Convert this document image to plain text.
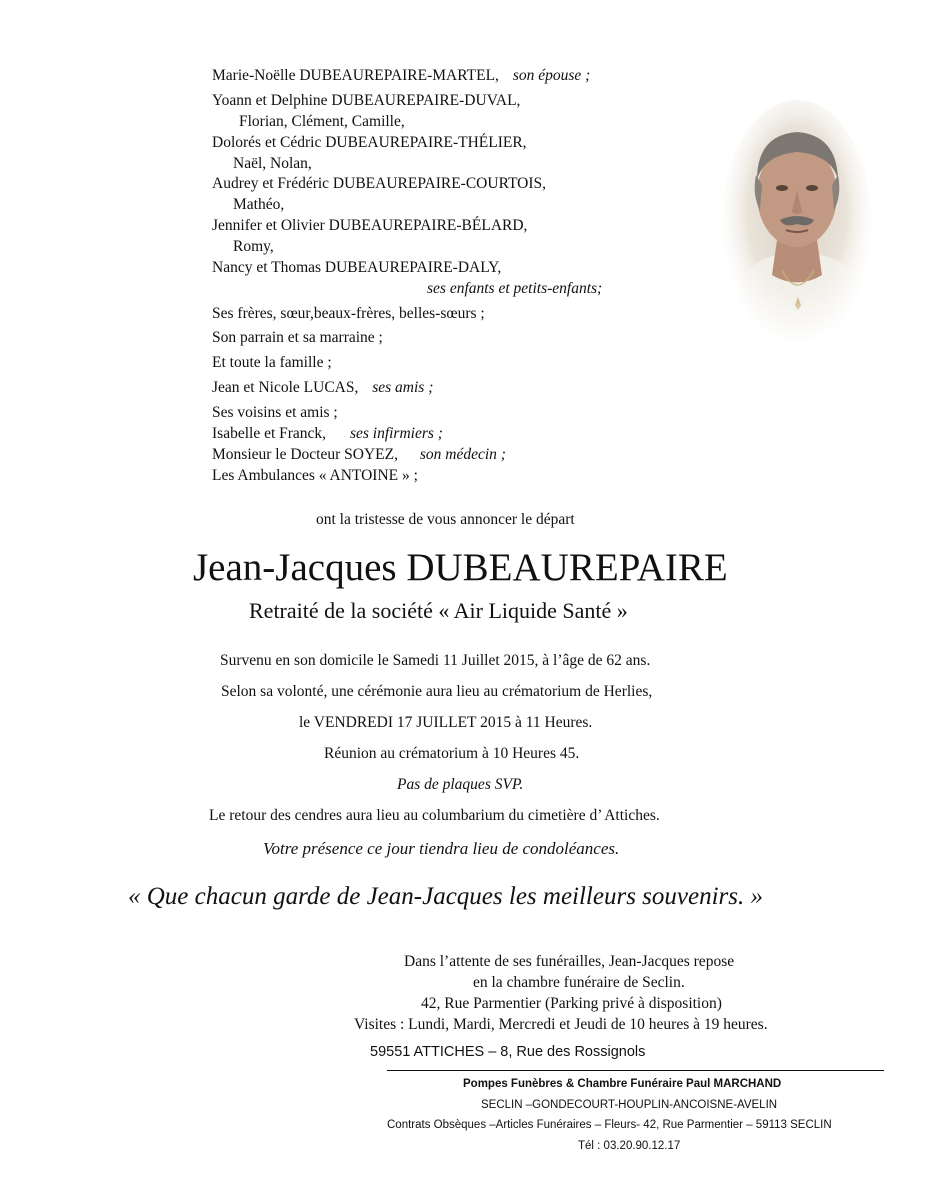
Marie-Noëlle DUBEAUREPAIRE-MARTEL, son épouse ;
Yoann et Delphine DUBEAUREPAIRE-DUVAL,
Florian, Clément, Camille,
Dolorés et Cédric DUBEAUREPAIRE-THÉLIER,
Naël, Nolan,
Audrey et Frédéric DUBEAUREPAIRE-COURTOIS,
Mathéo,
Jennifer et Olivier DUBEAUREPAIRE-BÉLARD,
Romy,
Nancy et Thomas DUBEAUREPAIRE-DALY,
ses enfants et petits-enfants;
Ses frères, sœur,beaux-frères, belles-sœurs ;
Son parrain et sa marraine ;
Et toute la famille ;
Jean et Nicole LUCAS, ses amis ;
Ses voisins et amis ;
Isabelle et Franck, ses infirmiers ;
Monsieur le Docteur SOYEZ, son médecin ;
Les Ambulances « ANTOINE » ;
ont la tristesse de vous annoncer le départ
Jean-Jacques DUBEAUREPAIRE
Retraité de la société « Air Liquide Santé »
Survenu en son domicile le Samedi 11 Juillet 2015, à l’âge de 62 ans.
Selon sa volonté, une cérémonie aura lieu au crématorium de Herlies,
le VENDREDI 17 JUILLET 2015 à 11 Heures.
Réunion au crématorium à 10 Heures 45.
Pas de plaques SVP.
Le retour des cendres aura lieu au columbarium du cimetière d’ Attiches.
Votre présence ce jour tiendra lieu de condoléances.
« Que chacun garde de Jean-Jacques les meilleurs souvenirs. »
Dans l’attente de ses funérailles, Jean-Jacques repose
en la chambre funéraire de Seclin.
42, Rue Parmentier (Parking privé à disposition)
Visites : Lundi, Mardi, Mercredi et Jeudi de 10 heures à 19 heures.
59551 ATTICHES – 8, Rue des Rossignols
Pompes Funèbres & Chambre Funéraire Paul MARCHAND
SECLIN –GONDECOURT-HOUPLIN-ANCOISNE-AVELIN
Contrats Obsèques –Articles Funéraires – Fleurs- 42, Rue Parmentier – 59113 SECLIN
Tél : 03.20.90.12.17
